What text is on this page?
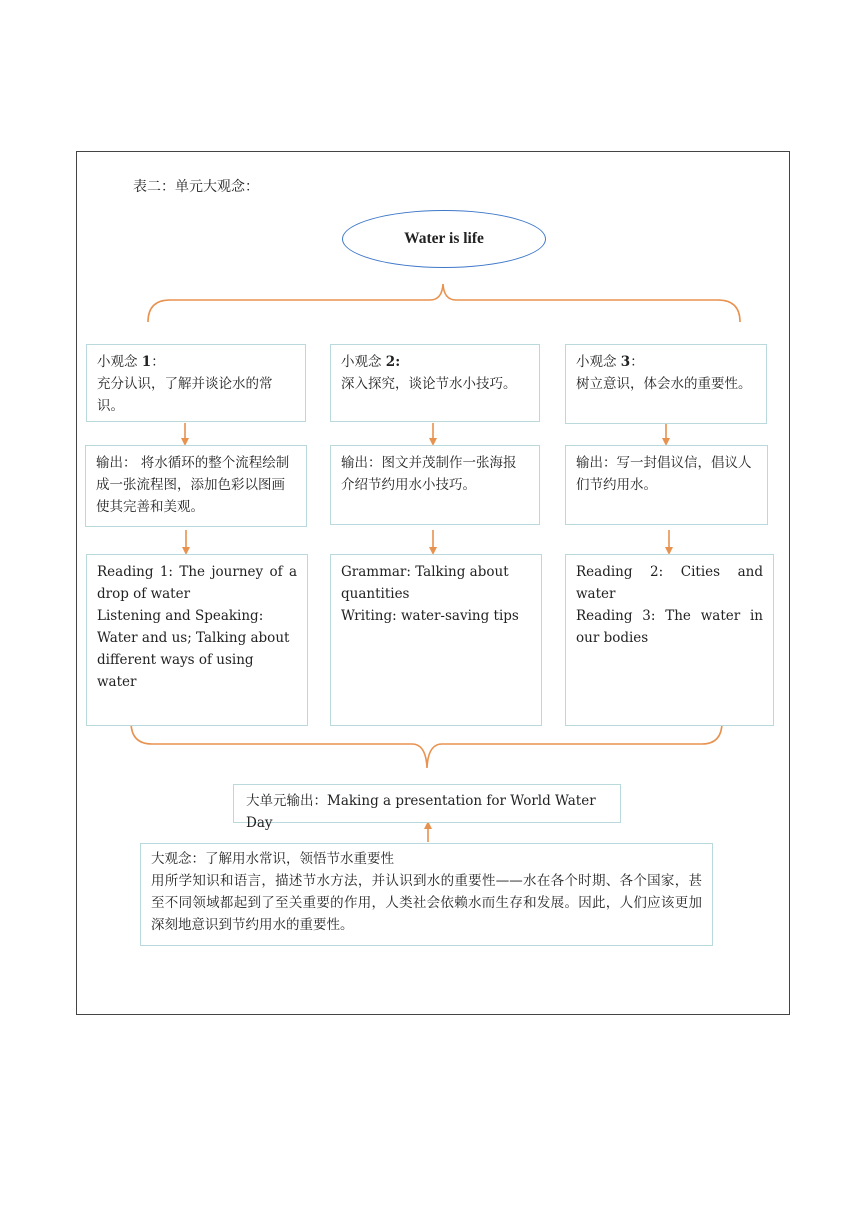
表二：单元大观念：
Water is life

小观念 1：

充分认识，了解并谈论水的常识。

输出： 将水循环的整个流程绘制成一张流程图，添加色彩以图画使其完善和美观。

Reading 1: The journey of a drop of water

Listening and Speaking: Water and us; Talking about different ways of using water

小观念 2:

深入探究，谈论节水小技巧。

输出：图文并茂制作一张海报介绍节约用水小技巧。

Grammar: Talking about quantities

Writing: water-saving tips

小观念 3：

树立意识，体会水的重要性。

输出：写一封倡议信，倡议人们节约用水。

Reading 2: Cities and water

Reading 3: The water in our bodies

大单元输出：Making a presentation for World Water Day

大观念：了解用水常识，领悟节水重要性

用所学知识和语言，描述节水方法，并认识到水的重要性——水在各个时期、各个国家，甚至不同领域都起到了至关重要的作用，人类社会依赖水而生存和发展。因此，人们应该更加深刻地意识到节约用水的重要性。
